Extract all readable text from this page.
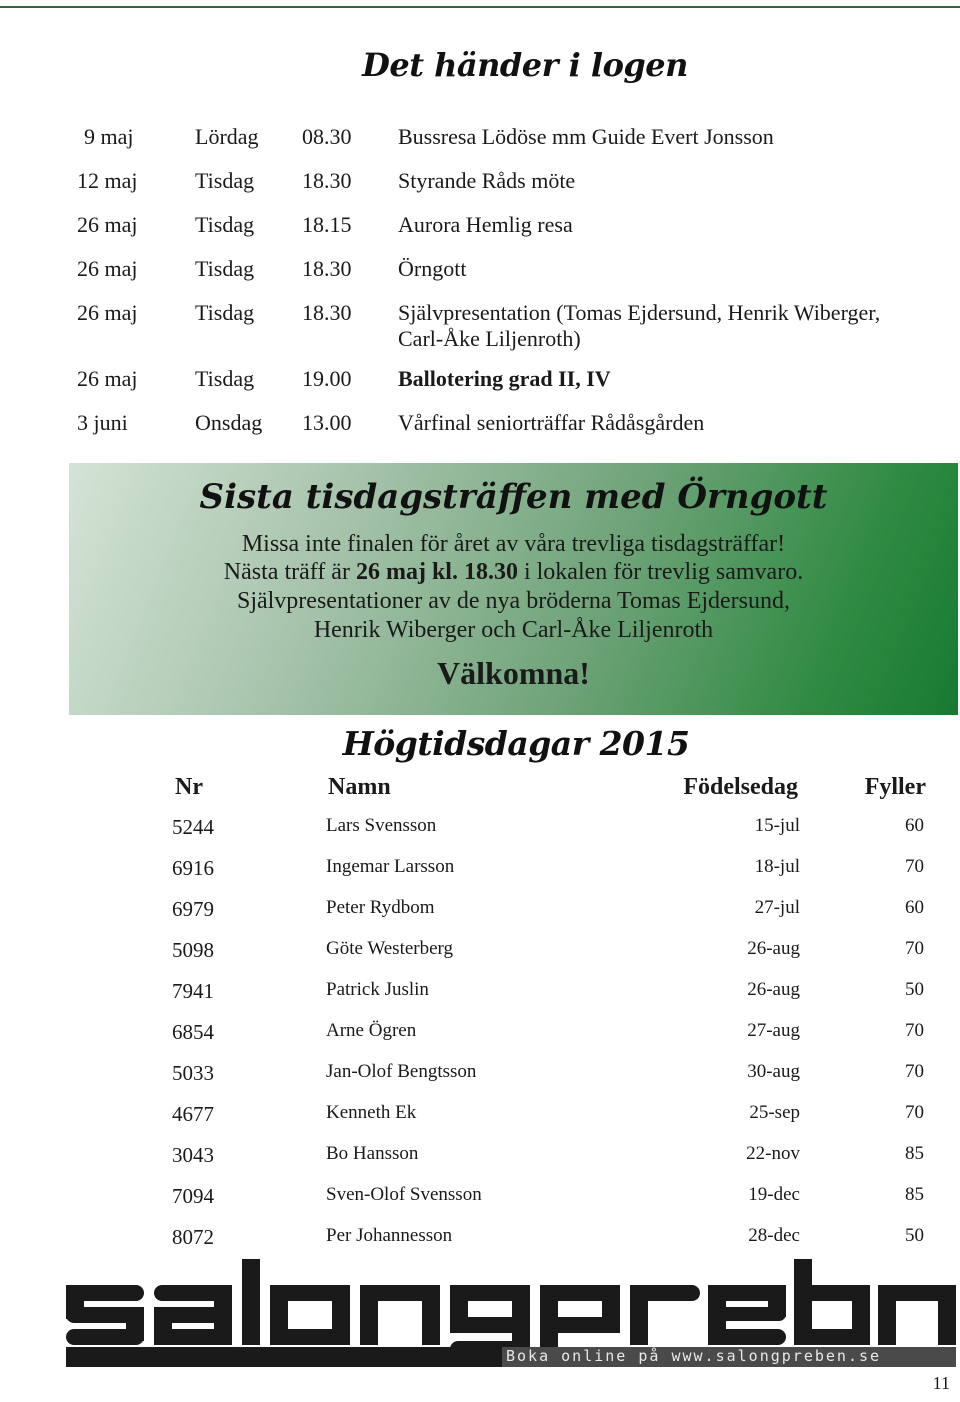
Det händer i logen
9 maj	Lördag 08.30 Bussresa Lödöse mm Guide Evert Jonsson
12 maj	Tisdag 18.30 Styrande Råds möte
26 maj	Tisdag 18.15 Aurora Hemlig resa
26 maj	Tisdag 18.30 Örngott
26 maj	Tisdag 18.30 Självpresentation (Tomas Ejdersund, Henrik Wiberger,
Carl-Åke Liljenroth)
26 maj	Tisdag 19.00 Ballotering grad II, IV
3 juni	Onsdag 13.00 Vårfinal seniorträffar Rådåsgården
Sista tisdagsträffen med Örngott
Missa inte finalen för året av våra trevliga tisdagsträffar!
Nästa träff är 26 maj kl. 18.30 i lokalen för trevlig samvaro.
Självpresentationer av de nya bröderna Tomas Ejdersund,
Henrik Wiberger och Carl-Åke Liljenroth
Välkomna!
Högtidsdagar 2015
Nr	Namn	Födelsedag	Fyller
5244	Lars Svensson	15-jul	60
6916	Ingemar Larsson	18-jul	70
6979	Peter Rydbom	27-jul	60
5098	Göte Westerberg	26-aug	70
7941	Patrick Juslin	26-aug	50
6854	Arne Ögren	27-aug	70
5033	Jan-Olof Bengtsson	30-aug	70
4677	Kenneth Ek	25-sep	70
3043	Bo Hansson	22-nov	85
7094	Sven-Olof Svensson	19-dec	85
8072	Per Johannesson	28-dec	50
Boka online på www.salongpreben.se
11
